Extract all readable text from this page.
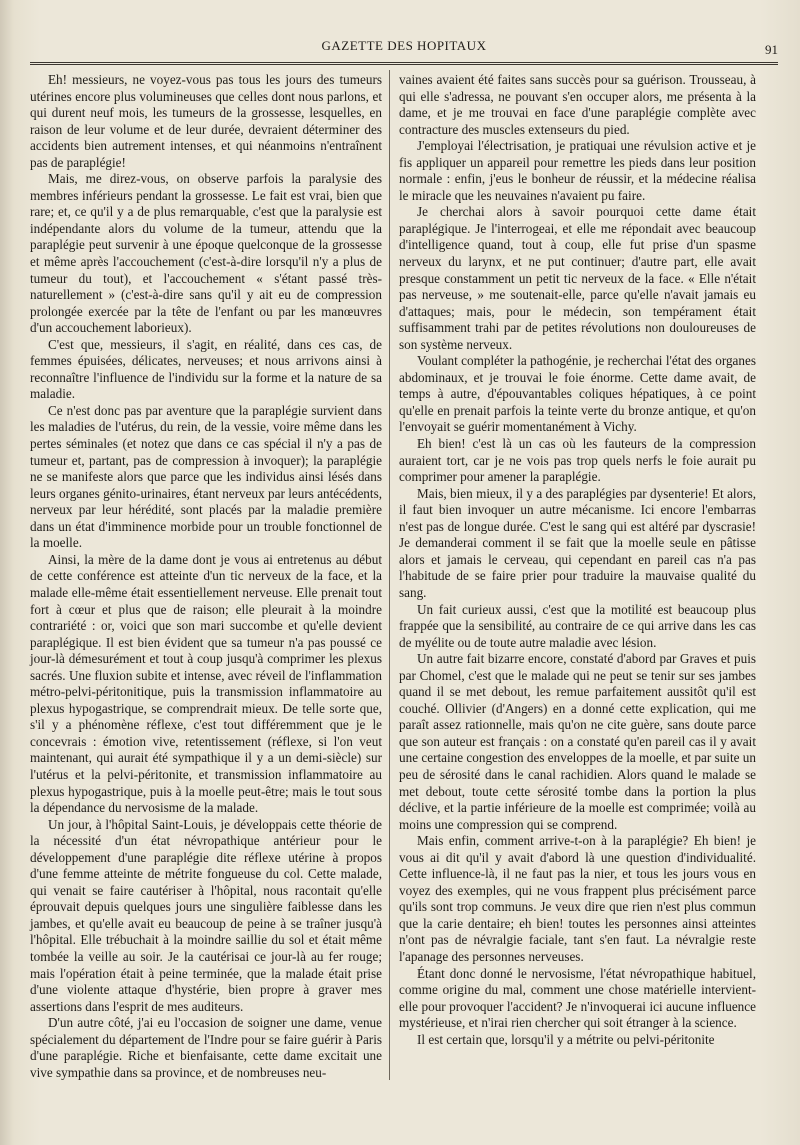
GAZETTE DES HOPITAUX	91

Eh! messieurs, ne voyez-vous pas tous les jours des tumeurs utérines encore plus volumineuses que celles dont nous parlons, et qui durent neuf mois, les tumeurs de la grossesse, lesquelles, en raison de leur volume et de leur durée, devraient déterminer des accidents bien autrement intenses, et qui néanmoins n'entraînent pas de paraplégie!

Mais, me direz-vous, on observe parfois la paralysie des membres inférieurs pendant la grossesse. Le fait est vrai, bien que rare; et, ce qu'il y a de plus remarquable, c'est que la paralysie est indépendante alors du volume de la tumeur, attendu que la paraplégie peut survenir à une époque quelconque de la grossesse et même après l'accouchement (c'est-à-dire lorsqu'il n'y a plus de tumeur du tout), et l'accouchement « s'étant passé très-naturellement » (c'est-à-dire sans qu'il y ait eu de compression prolongée exercée par la tête de l'enfant ou par les manœuvres d'un accouchement laborieux).

C'est que, messieurs, il s'agit, en réalité, dans ces cas, de femmes épuisées, délicates, nerveuses; et nous arrivons ainsi à reconnaître l'influence de l'individu sur la forme et la nature de sa maladie.

Ce n'est donc pas par aventure que la paraplégie survient dans les maladies de l'utérus, du rein, de la vessie, voire même dans les pertes séminales (et notez que dans ce cas spécial il n'y a pas de tumeur et, partant, pas de compression à invoquer); la paraplégie ne se manifeste alors que parce que les individus ainsi lésés dans leurs organes génito-urinaires, étant nerveux par leurs antécédents, nerveux par leur hérédité, sont placés par la maladie première dans un état d'imminence morbide pour un trouble fonctionnel de la moelle.

Ainsi, la mère de la dame dont je vous ai entretenus au début de cette conférence est atteinte d'un tic nerveux de la face, et la malade elle-même était essentiellement nerveuse. Elle prenait tout fort à cœur et plus que de raison; elle pleurait à la moindre contrariété : or, voici que son mari succombe et qu'elle devient paraplégique. Il est bien évident que sa tumeur n'a pas poussé ce jour-là démesurément et tout à coup jusqu'à comprimer les plexus sacrés. Une fluxion subite et intense, avec réveil de l'inflammation métro-pelvi-péritonitique, puis la transmission inflammatoire au plexus hypogastrique, se comprendrait mieux. De telle sorte que, s'il y a phénomène réflexe, c'est tout différemment que je le concevrais : émotion vive, retentissement (réflexe, si l'on veut maintenant, qui aurait été sympathique il y a un demi-siècle) sur l'utérus et la pelvi-péritonite, et transmission inflammatoire au plexus hypogastrique, puis à la moelle peut-être; mais le tout sous la dépendance du nervosisme de la malade.

Un jour, à l'hôpital Saint-Louis, je développais cette théorie de la nécessité d'un état névropathique antérieur pour le développement d'une paraplégie dite réflexe utérine à propos d'une femme atteinte de métrite fongueuse du col. Cette malade, qui venait se faire cautériser à l'hôpital, nous racontait qu'elle éprouvait depuis quelques jours une singulière faiblesse dans les jambes, et qu'elle avait eu beaucoup de peine à se traîner jusqu'à l'hôpital. Elle trébuchait à la moindre saillie du sol et était même tombée la veille au soir. Je la cautérisai ce jour-là au fer rouge; mais l'opération était à peine terminée, que la malade était prise d'une violente attaque d'hystérie, bien propre à graver mes assertions dans l'esprit de mes auditeurs.

D'un autre côté, j'ai eu l'occasion de soigner une dame, venue spécialement du département de l'Indre pour se faire guérir à Paris d'une paraplégie. Riche et bienfaisante, cette dame excitait une vive sympathie dans sa province, et de nombreuses neu-

vaines avaient été faites sans succès pour sa guérison. Trousseau, à qui elle s'adressa, ne pouvant s'en occuper alors, me présenta à la dame, et je me trouvai en face d'une paraplégie complète avec contracture des muscles extenseurs du pied.

J'employai l'électrisation, je pratiquai une révulsion active et je fis appliquer un appareil pour remettre les pieds dans leur position normale : enfin, j'eus le bonheur de réussir, et la médecine réalisa le miracle que les neuvaines n'avaient pu faire.

Je cherchai alors à savoir pourquoi cette dame était paraplégique. Je l'interrogeai, et elle me répondait avec beaucoup d'intelligence quand, tout à coup, elle fut prise d'un spasme nerveux du larynx, et ne put continuer; d'autre part, elle avait presque constamment un petit tic nerveux de la face. « Elle n'était pas nerveuse, » me soutenait-elle, parce qu'elle n'avait jamais eu d'attaques; mais, pour le médecin, son tempérament était suffisamment trahi par de petites révolutions non douloureuses de son système nerveux.

Voulant compléter la pathogénie, je recherchai l'état des organes abdominaux, et je trouvai le foie énorme. Cette dame avait, de temps à autre, d'épouvantables coliques hépatiques, à ce point qu'elle en prenait parfois la teinte verte du bronze antique, et qu'on l'envoyait se guérir momentanément à Vichy.

Eh bien! c'est là un cas où les fauteurs de la compression auraient tort, car je ne vois pas trop quels nerfs le foie aurait pu comprimer pour amener la paraplégie.

Mais, bien mieux, il y a des paraplégies par dysenterie! Et alors, il faut bien invoquer un autre mécanisme. Ici encore l'embarras n'est pas de longue durée. C'est le sang qui est altéré par dyscrasie! Je demanderai comment il se fait que la moelle seule en pâtisse alors et jamais le cerveau, qui cependant en pareil cas n'a pas l'habitude de se faire prier pour traduire la mauvaise qualité du sang.

Un fait curieux aussi, c'est que la motilité est beaucoup plus frappée que la sensibilité, au contraire de ce qui arrive dans les cas de myélite ou de toute autre maladie avec lésion.

Un autre fait bizarre encore, constaté d'abord par Graves et puis par Chomel, c'est que le malade qui ne peut se tenir sur ses jambes quand il se met debout, les remue parfaitement aussitôt qu'il est couché. Ollivier (d'Angers) en a donné cette explication, qui me paraît assez rationnelle, mais qu'on ne cite guère, sans doute parce que son auteur est français : on a constaté qu'en pareil cas il y avait une certaine congestion des enveloppes de la moelle, et par suite un peu de sérosité dans le canal rachidien. Alors quand le malade se met debout, toute cette sérosité tombe dans la portion la plus déclive, et la partie inférieure de la moelle est comprimée; voilà au moins une compression qui se comprend.

Mais enfin, comment arrive-t-on à la paraplégie? Eh bien! je vous ai dit qu'il y avait d'abord là une question d'individualité. Cette influence-là, il ne faut pas la nier, et tous les jours vous en voyez des exemples, qui ne vous frappent plus précisément parce qu'ils sont trop communs. Je veux dire que rien n'est plus commun que la carie dentaire; eh bien! toutes les personnes ainsi atteintes n'ont pas de névralgie faciale, tant s'en faut. La névralgie reste l'apanage des personnes nerveuses.

Étant donc donné le nervosisme, l'état névropathique habituel, comme origine du mal, comment une chose matérielle intervient-elle pour provoquer l'accident? Je n'invoquerai ici aucune influence mystérieuse, et n'irai rien chercher qui soit étranger à la science.

Il est certain que, lorsqu'il y a métrite ou pelvi-péritonite
